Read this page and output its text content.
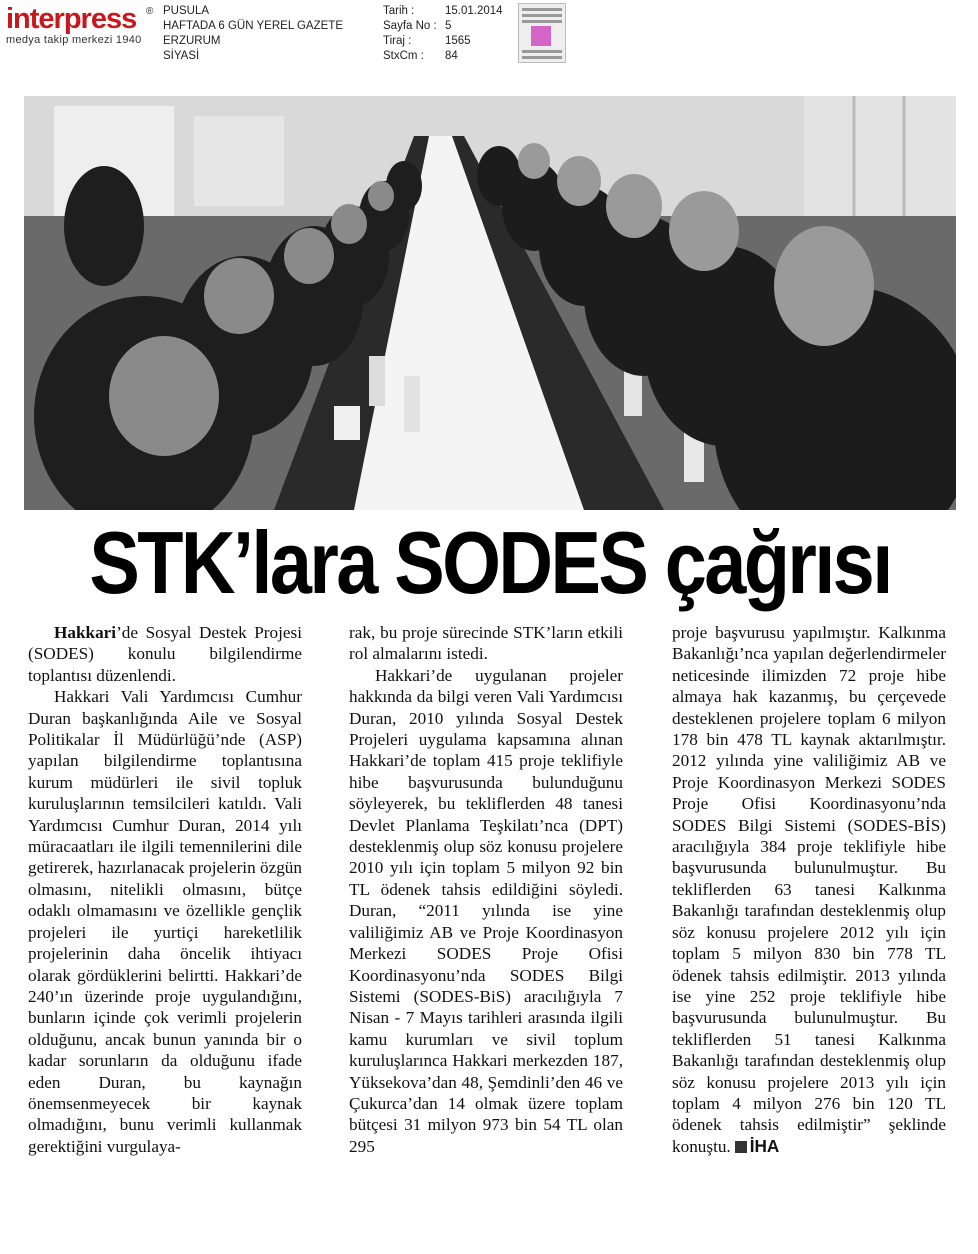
interpress ®
medya takip merkezi 1940
PUSULA
HAFTADA 6 GÜN YEREL GAZETE
ERZURUM
SİYASİ
Tarih :	15.01.2014
Sayfa No : 5
Tiraj :	1565
StxCm :	84
STK’lara SODES çağrısı

Hakkari’de Sosyal Destek Projesi (SODES) konulu bilgilendirme toplantısı düzenlendi.

Hakkari Vali Yardımcısı Cumhur Duran başkanlığında Aile ve Sosyal Politikalar İl Müdürlüğü’nde (ASP) yapılan bilgilendirme toplantısına kurum müdürleri ile sivil topluk kuruluşlarının temsilcileri katıldı. Vali Yardımcısı Cumhur Duran, 2014 yılı müracaatları ile ilgili temennilerini dile getirerek, hazırlanacak projelerin özgün olmasını, nitelikli olmasını, bütçe odaklı olmamasını ve özellikle gençlik projeleri ile yurtiçi hareketlilik projelerinin daha öncelik ihtiyacı olarak gördüklerini belirtti. Hakkari’de 240’ın üzerinde proje uygulandığını, bunların içinde çok verimli projelerin olduğunu, ancak bunun yanında bir o kadar sorunların da olduğunu ifade eden Duran, bu kaynağın önemsenmeyecek bir kaynak olmadığını, bunu verimli kullanmak gerektiğini vurgulaya-

rak, bu proje sürecinde STK’ların etkili rol almalarını istedi.

Hakkari’de uygulanan projeler hakkında da bilgi veren Vali Yardımcısı Duran, 2010 yılında Sosyal Destek Projeleri uygulama kapsamına alınan Hakkari’de toplam 415 proje teklifiyle hibe başvurusunda bulunduğunu söyleyerek, bu tekliflerden 48 tanesi Devlet Planlama Teşkilatı’nca (DPT) desteklenmiş olup söz konusu projelere 2010 yılı için toplam 5 milyon 92 bin TL ödenek tahsis edildiğini söyledi. Duran, “2011 yılında ise yine valiliğimiz AB ve Proje Koordinasyon Merkezi SODES Proje Ofisi Koordinasyonu’nda SODES Bilgi Sistemi (SODES-BiS) aracılığıyla 7 Nisan - 7 Mayıs tarihleri arasında ilgili kamu kurumları ve sivil toplum kuruluşlarınca Hakkari merkezden 187, Yüksekova’dan 48, Şemdinli’den 46 ve Çukurca’dan 14 olmak üzere toplam bütçesi 31 milyon 973 bin 54 TL olan 295

proje başvurusu yapılmıştır. Kalkınma Bakanlığı’nca yapılan değerlendirmeler neticesinde ilimizden 72 proje hibe almaya hak kazanmış, bu çerçevede desteklenen projelere toplam 6 milyon 178 bin 478 TL kaynak aktarılmıştır. 2012 yılında yine valiliğimiz AB ve Proje Koordinasyon Merkezi SODES Proje Ofisi Koordinasyonu’nda SODES Bilgi Sistemi (SODES-BİS) aracılığıyla 384 proje teklifiyle hibe başvurusunda bulunulmuştur. Bu tekliflerden 63 tanesi Kalkınma Bakanlığı tarafından desteklenmiş olup söz konusu projelere 2012 yılı için toplam 5 milyon 830 bin 778 TL ödenek tahsis edilmiştir. 2013 yılında ise yine 252 proje teklifiyle hibe başvurusunda bulunulmuştur. Bu tekliflerden 51 tanesi Kalkınma Bakanlığı tarafından desteklenmiş olup söz konusu projelere 2013 yılı için toplam 4 milyon 276 bin 120 TL ödenek tahsis edilmiştir” şeklinde konuştu. İHA
